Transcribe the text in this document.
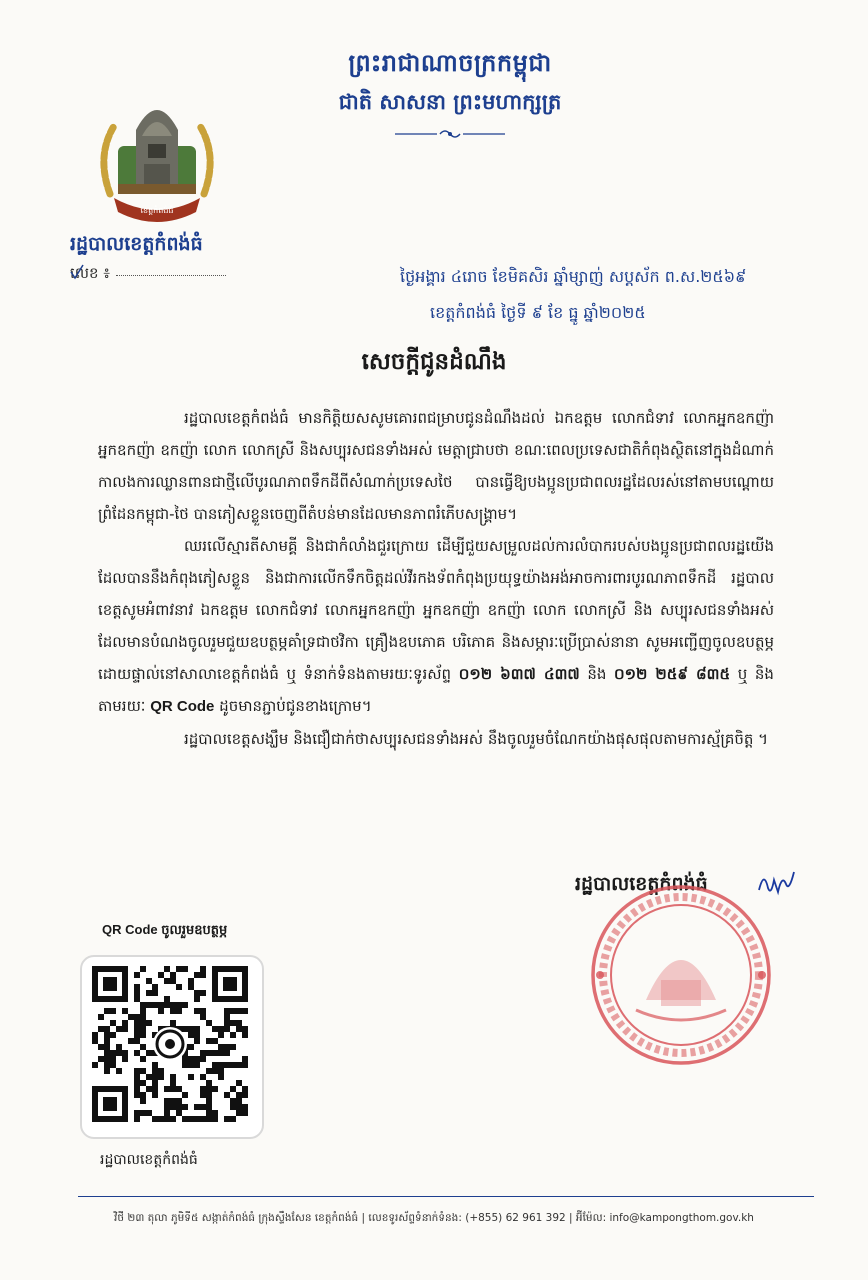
ព្រះរាជាណាចក្រកម្ពុជា
ជាតិ សាសនា ព្រះមហាក្សត្រ
ខេត្តកំពង់ធំ
រដ្ឋបាលខេត្តកំពង់ធំ
លេខ ៖	ថ្ងៃអង្គារ ៤រោច ខែមិគសិរ ឆ្នាំម្សាញ់ សប្តស័ក ព.ស.២៥៦៩
ខេត្តកំពង់ធំ ថ្ងៃទី ៩ ខែ ធ្នូ ឆ្នាំ២០២៥
សេចក្តីជូនដំណឹង

រដ្ឋបាលខេត្តកំពង់ធំ មានកិត្តិយសសូមគោរពជម្រាបជូនដំណឹងដល់ ឯកឧត្តម លោកជំទាវ លោកអ្នកឧកញ៉ា អ្នកឧកញ៉ា ឧកញ៉ា លោក លោកស្រី និងសប្បុរសជនទាំងអស់ មេត្តាជ្រាបថា ខណៈពេលប្រទេសជាតិកំពុងស្ថិតនៅក្នុងដំណាក់កាលងការឈ្លានពានជាថ្មីលើបូរណភាពទឹកដីពីសំណាក់ប្រទេសថៃ បានធ្វើឱ្យបងប្អូនប្រជាពលរដ្ឋដែលរស់នៅតាមបណ្តោយព្រំដែនកម្ពុជា-ថៃ បានភៀសខ្លួនចេញពីតំបន់មានដែលមានភាពរំភើបសង្គ្រាម។

ឈរលើស្មារតីសាមគ្គី និងជាកំលាំងជួរក្រោយ ដើម្បីជួយសម្រួលដល់ការលំបាករបស់បងប្អូនប្រជាពលរដ្ឋយើងដែលបាននឹងកំពុងភៀសខ្លួន និងជាការលើកទឹកចិត្តដល់វីរកងទ័ពកំពុងប្រយុទ្ធយ៉ាងអង់អាចការពារបូរណភាពទឹកដី រដ្ឋបាលខេត្តសូមអំពាវនាវ ឯកឧត្តម លោកជំទាវ លោកអ្នកឧកញ៉ា អ្នកឧកញ៉ា ឧកញ៉ា លោក លោកស្រី និង សប្បុរសជនទាំងអស់ដែលមានបំណងចូលរួមជួយឧបត្ថម្ភគាំទ្រជាថវិកា គ្រឿងឧបភោគ បរិភោគ និងសម្ភារៈប្រើប្រាស់នានា សូមអញ្ជើញចូលឧបត្ថម្ភដោយផ្ទាល់នៅសាលាខេត្តកំពង់ធំ ឬ ទំនាក់ទំនងតាមរយៈទូរស័ព្ទ ០១២ ៦៣៧ ៤៣៧ និង ០១២ ២៥៩ ៨៣៥ ឬ និងតាមរយៈ QR Code ដូចមានភ្ជាប់ជូនខាងក្រោម។

រដ្ឋបាលខេត្តសង្ឃឹម និងជឿជាក់ថាសប្បុរសជនទាំងអស់ នឹងចូលរួមចំណែកយ៉ាងផុសផុលតាមការស្ម័គ្រចិត្ត ។

រដ្ឋបាលខេត្តកំពង់ធំ
QR Code ចូលរួមឧបត្ថម្ភ
រដ្ឋបាលខេត្តកំពង់ធំ
វិថី ២៣ តុលា ភូមិទី៥ សង្កាត់កំពង់ធំ ក្រុងស្ទឹងសែន ខេត្តកំពង់ធំ | លេខទូរស័ព្ទទំនាក់ទំនង: (+855) 62 961 392 | អ៊ីម៉ែល: info@kampongthom.gov.kh
